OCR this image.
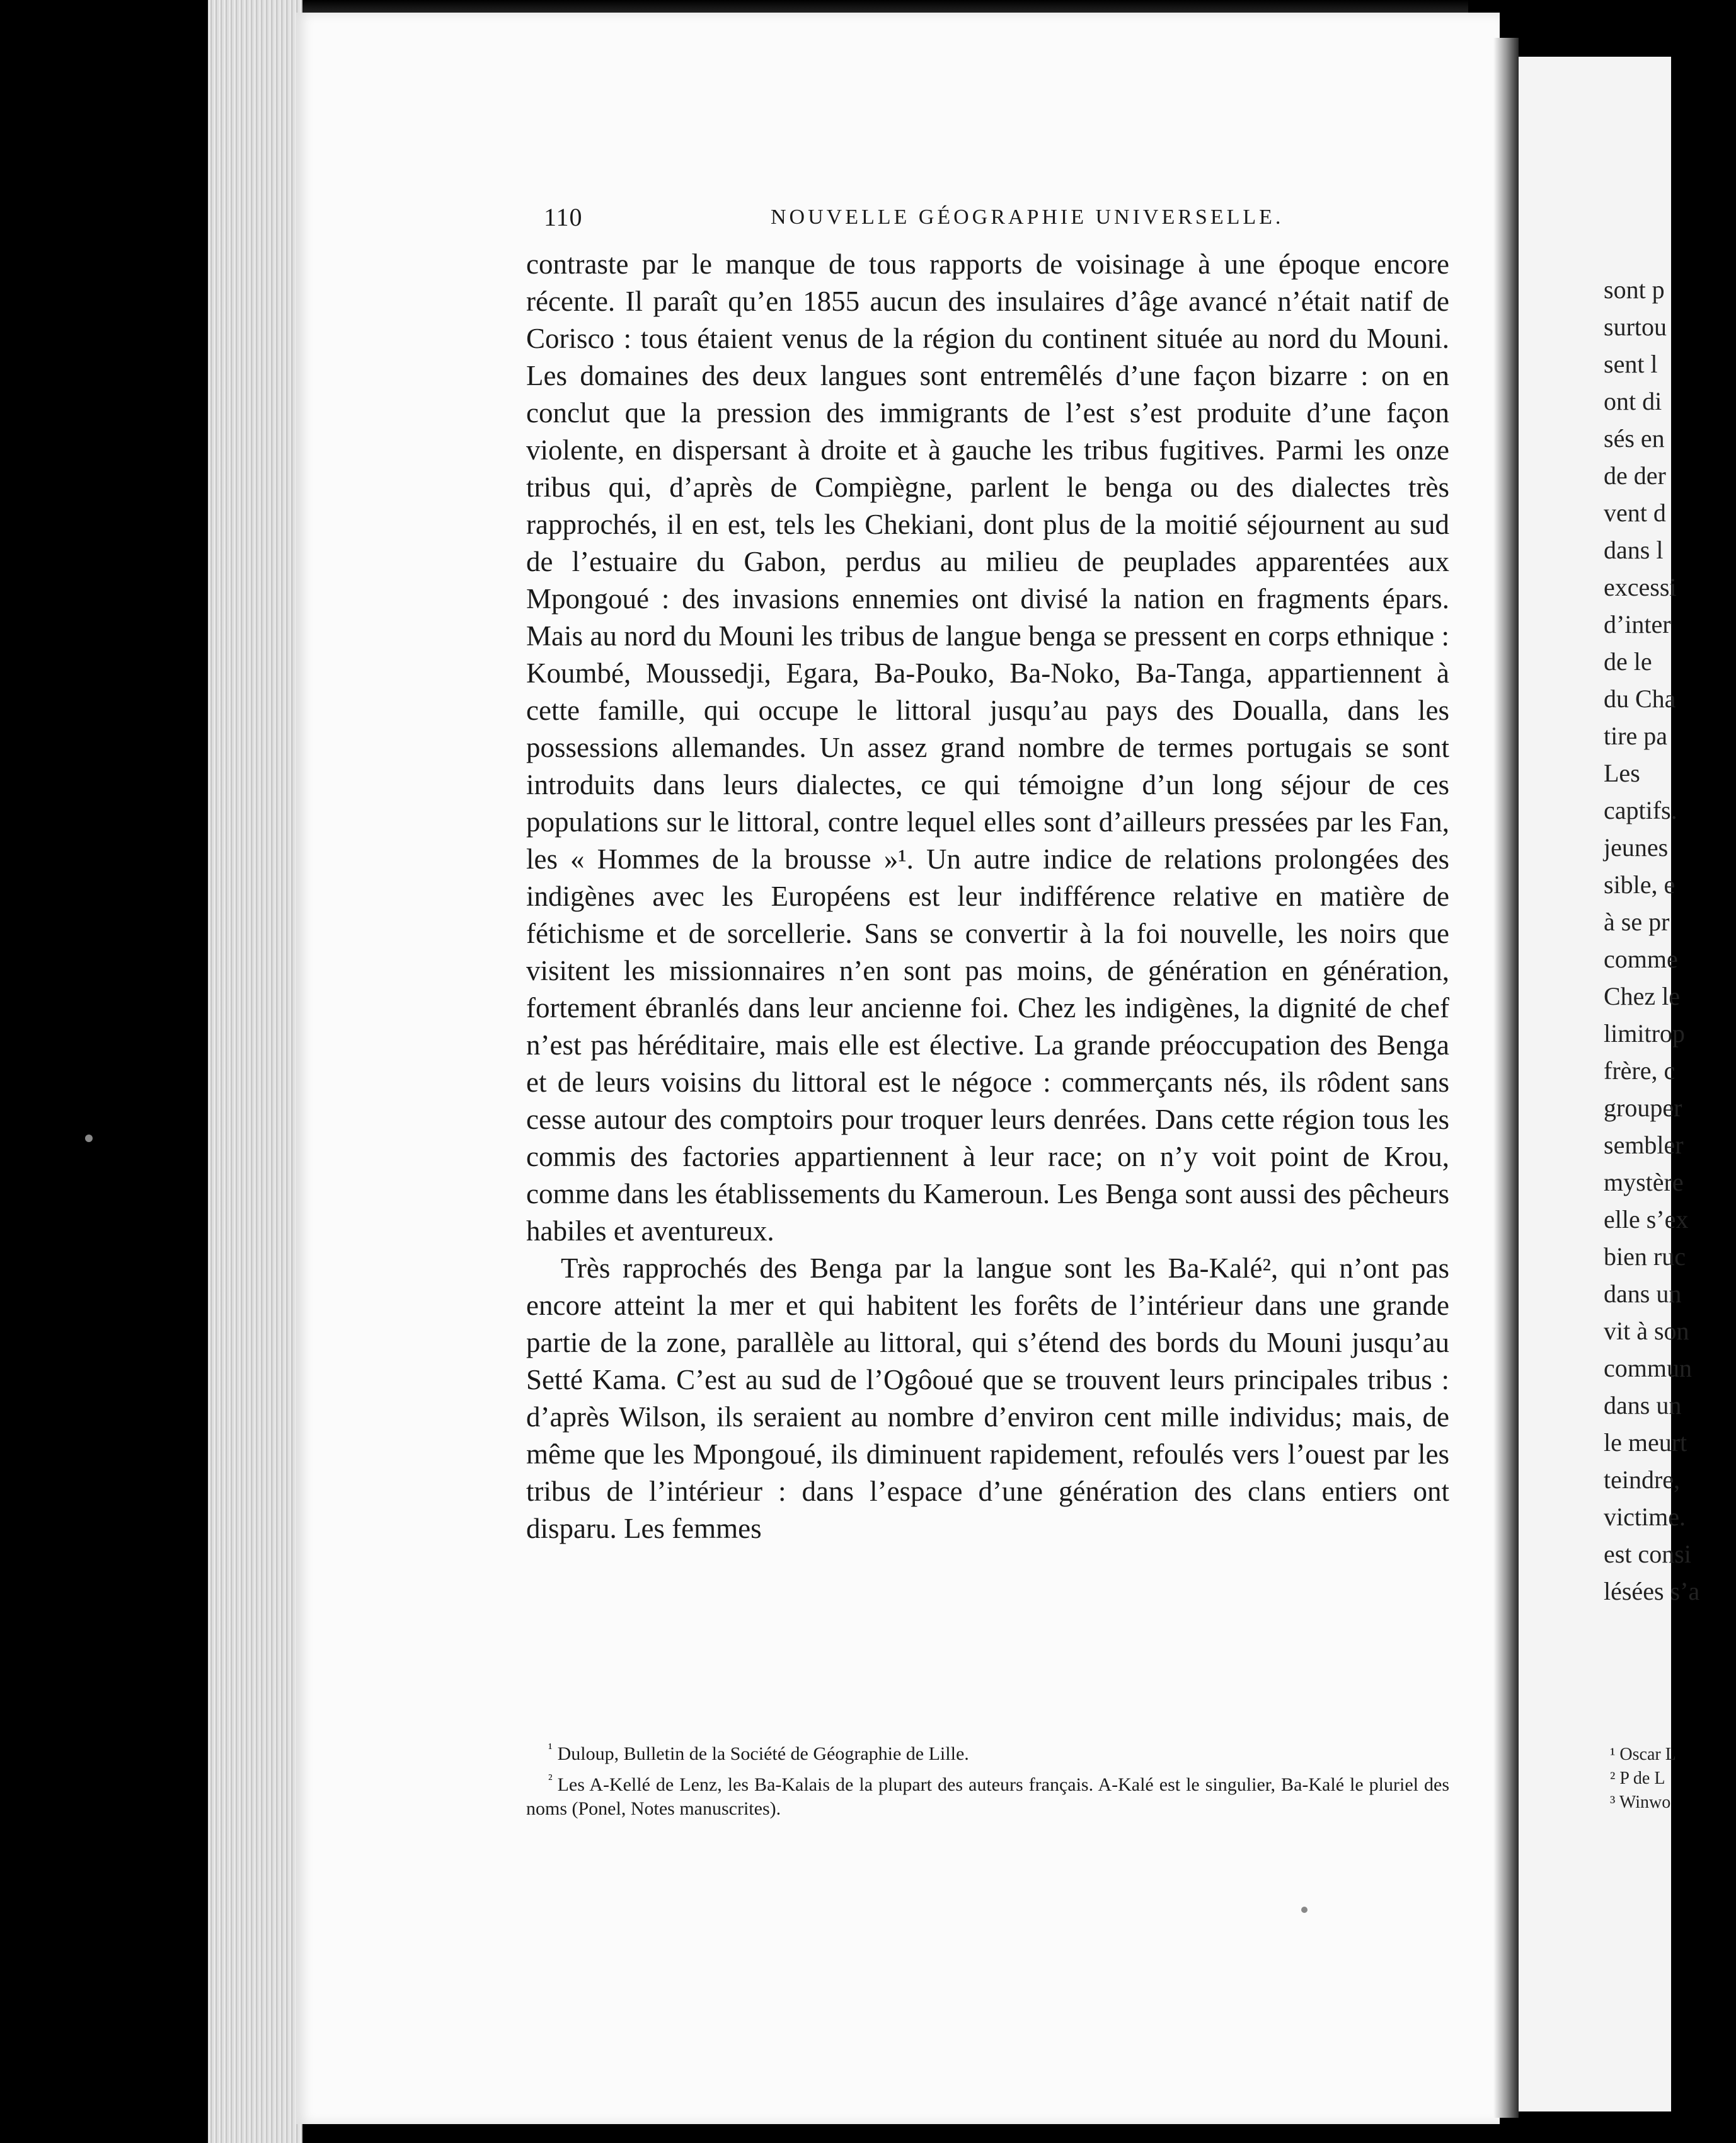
110	NOUVELLE GÉOGRAPHIE UNIVERSELLE.

contraste par le manque de tous rapports de voisinage à une époque encore récente. Il paraît qu’en 1855 aucun des insulaires d’âge avancé n’était natif de Corisco : tous étaient venus de la région du continent située au nord du Mouni. Les domaines des deux langues sont entremêlés d’une façon bizarre : on en conclut que la pression des immigrants de l’est s’est produite d’une façon violente, en dispersant à droite et à gauche les tribus fugitives. Parmi les onze tribus qui, d’après de Compiègne, parlent le benga ou des dialectes très rapprochés, il en est, tels les Chekiani, dont plus de la moitié séjournent au sud de l’estuaire du Gabon, perdus au milieu de peuplades apparentées aux Mpongoué : des invasions ennemies ont divisé la nation en fragments épars. Mais au nord du Mouni les tribus de langue benga se pressent en corps ethnique : Koumbé, Moussedji, Egara, Ba-Pouko, Ba-Noko, Ba-Tanga, appartiennent à cette famille, qui occupe le littoral jusqu’au pays des Doualla, dans les possessions allemandes. Un assez grand nombre de termes portugais se sont introduits dans leurs dialectes, ce qui témoigne d’un long séjour de ces populations sur le littoral, contre lequel elles sont d’ailleurs pressées par les Fan, les « Hommes de la brousse »¹. Un autre indice de relations prolongées des indigènes avec les Européens est leur indifférence relative en matière de fétichisme et de sorcellerie. Sans se convertir à la foi nouvelle, les noirs que visitent les missionnaires n’en sont pas moins, de génération en génération, fortement ébranlés dans leur ancienne foi. Chez les indigènes, la dignité de chef n’est pas héréditaire, mais elle est élective. La grande préoccupation des Benga et de leurs voisins du littoral est le négoce : commerçants nés, ils rôdent sans cesse autour des comptoirs pour troquer leurs denrées. Dans cette région tous les commis des factories appartiennent à leur race; on n’y voit point de Krou, comme dans les établissements du Kameroun. Les Benga sont aussi des pêcheurs habiles et aventureux.

Très rapprochés des Benga par la langue sont les Ba-Kalé², qui n’ont pas encore atteint la mer et qui habitent les forêts de l’intérieur dans une grande partie de la zone, parallèle au littoral, qui s’étend des bords du Mouni jusqu’au Setté Kama. C’est au sud de l’Ogôoué que se trouvent leurs principales tribus : d’après Wilson, ils seraient au nombre d’environ cent mille individus; mais, de même que les Mpongoué, ils diminuent rapidement, refoulés vers l’ouest par les tribus de l’intérieur : dans l’espace d’une génération des clans entiers ont disparu. Les femmes

$^{^1}$ Duloup, Bulletin de la Société de Géographie de Lille.

$^{^2}$ Les A-Kellé de Lenz, les Ba-Kalais de la plupart des auteurs français. A-Kalé est le singulier, Ba-Kalé le pluriel des noms (Ponel, Notes manuscrites).

sont p
surtou
sent l
ont di
sés en
de der
vent d
dans l
excessi
d’inter
de le
du Cha
tire pa
Les
captifs.
jeunes
sible, e
à se pr
comme
Chez le
limitrop
frère, c
grouper
sembler
mystère
elle s’ex
bien ruc
dans un
vit à son
commun
dans un
le meurt
teindre,
victime.
est consi
lésées s’a
¹ Oscar L
² P de L
³ Winwo
